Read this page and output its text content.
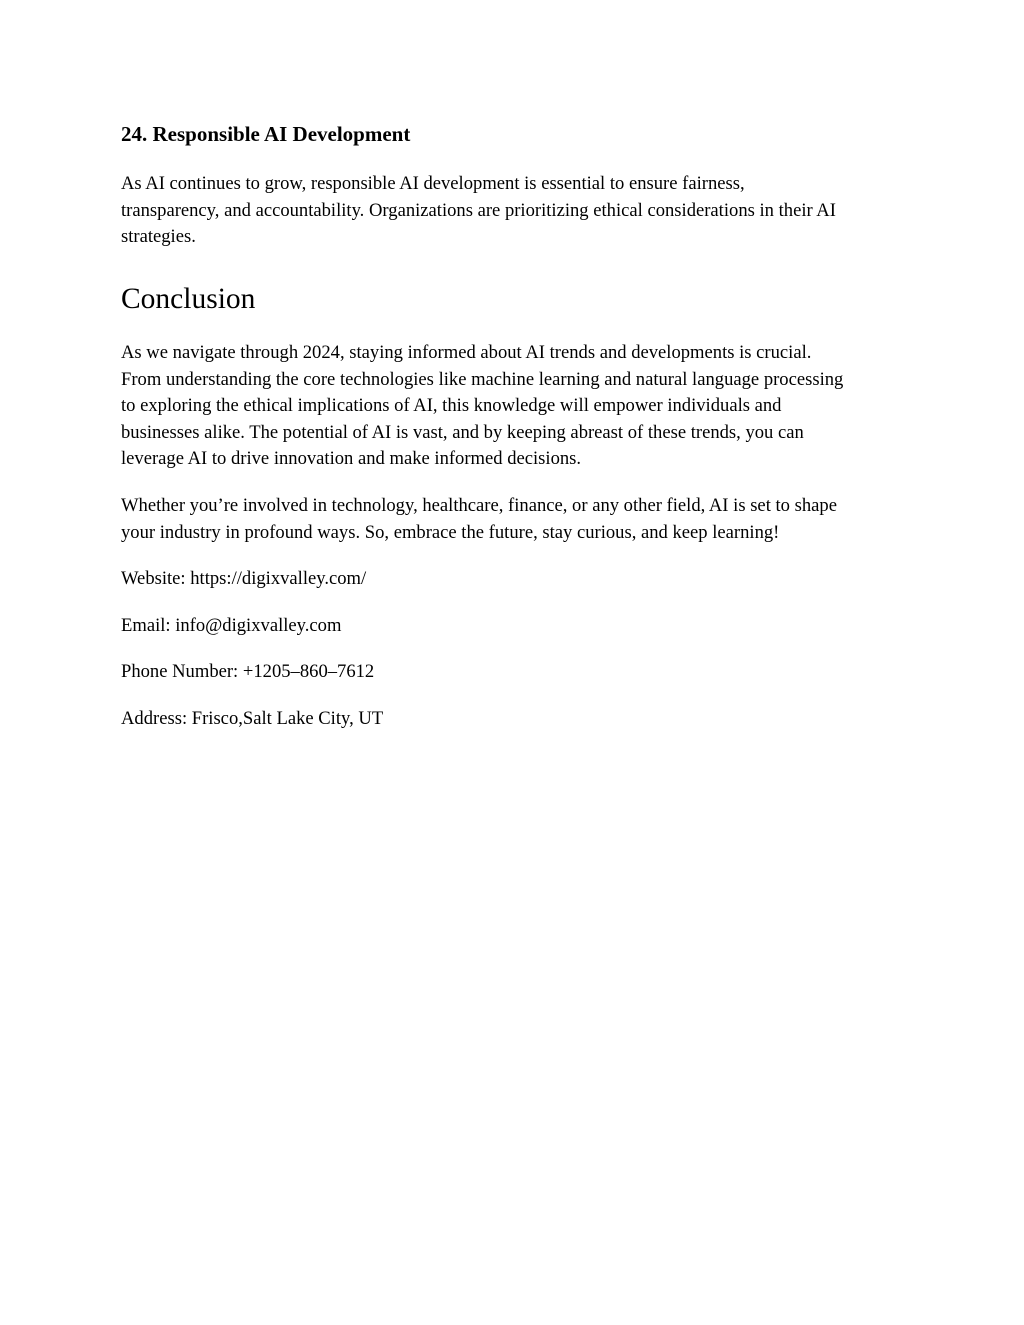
24. Responsible AI Development

As AI continues to grow, responsible AI development is essential to ensure fairness,
transparency, and accountability. Organizations are prioritizing ethical considerations in their AI
strategies.

Conclusion

As we navigate through 2024, staying informed about AI trends and developments is crucial.
From understanding the core technologies like machine learning and natural language processing
to exploring the ethical implications of AI, this knowledge will empower individuals and
businesses alike. The potential of AI is vast, and by keeping abreast of these trends, you can
leverage AI to drive innovation and make informed decisions.

Whether you’re involved in technology, healthcare, finance, or any other field, AI is set to shape
your industry in profound ways. So, embrace the future, stay curious, and keep learning!

Website: https://digixvalley.com/

Email: info@digixvalley.com

Phone Number: +1205–860–7612

Address: Frisco,Salt Lake City, UT
